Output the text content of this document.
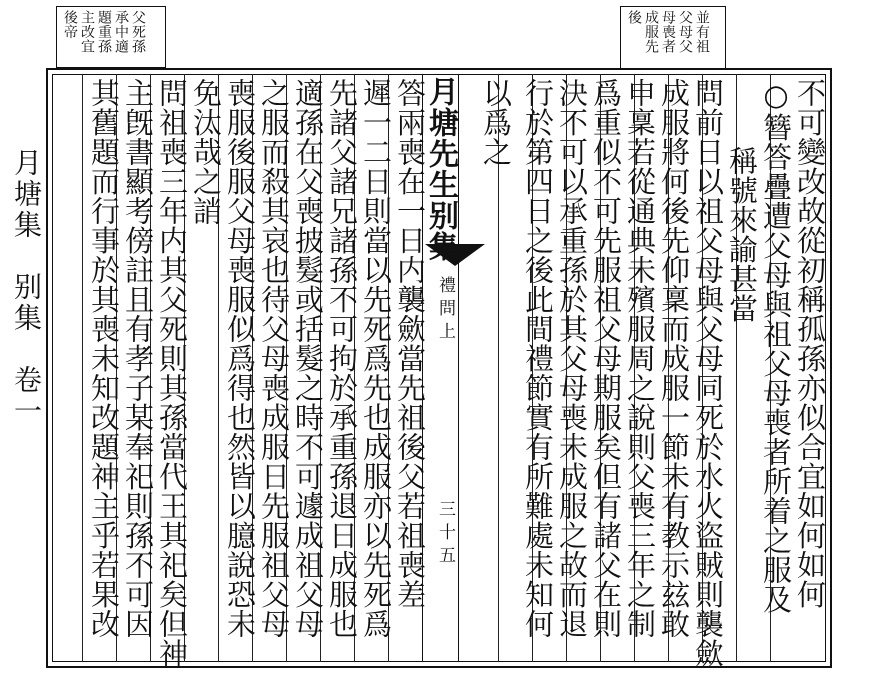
月塘集　别集　卷一
父死孫
承中適
題重孫
主改宜
後帝	並有祖
父母父
母喪者
成服先
後
月塘先生别集
禮問上
三十五	不可變改故從初稱孤孫亦似合宜如何如何
○簪答疊遭父母與祖父母喪者所着之服及
稱號來諭甚當
問前日以祖父母與父母同死於水火盜賊則襲歛
成服將何後先仰稟而成服一節未有教示玆敢
申稟若從通典未殯服周之說則父喪三年之制
爲重似不可先服祖父母期服矣但有諸父在則
決不可以承重孫於其父母喪未成服之故而退
行於第四日之後此間禮節實有所難處未知何
以爲之
答兩喪在一日内襲歛當先祖後父若祖喪差
遲一二日則當以先死爲先也成服亦以先死爲
先諸父諸兄諸孫不可拘於承重孫退日成服也
適孫在父喪披髮或括髮之時不可遽成祖父母
之服而殺其哀也待父母喪成服日先服祖父母
喪服後服父母喪服似爲得也然皆以臆說恐未
免汰哉之誚
問祖喪三年内其父死則其孫當代王其祀矣但神
主旣書顯考傍註且有孝子某奉祀則孫不可因
其舊題而行事於其喪未知改題神主乎若果改
